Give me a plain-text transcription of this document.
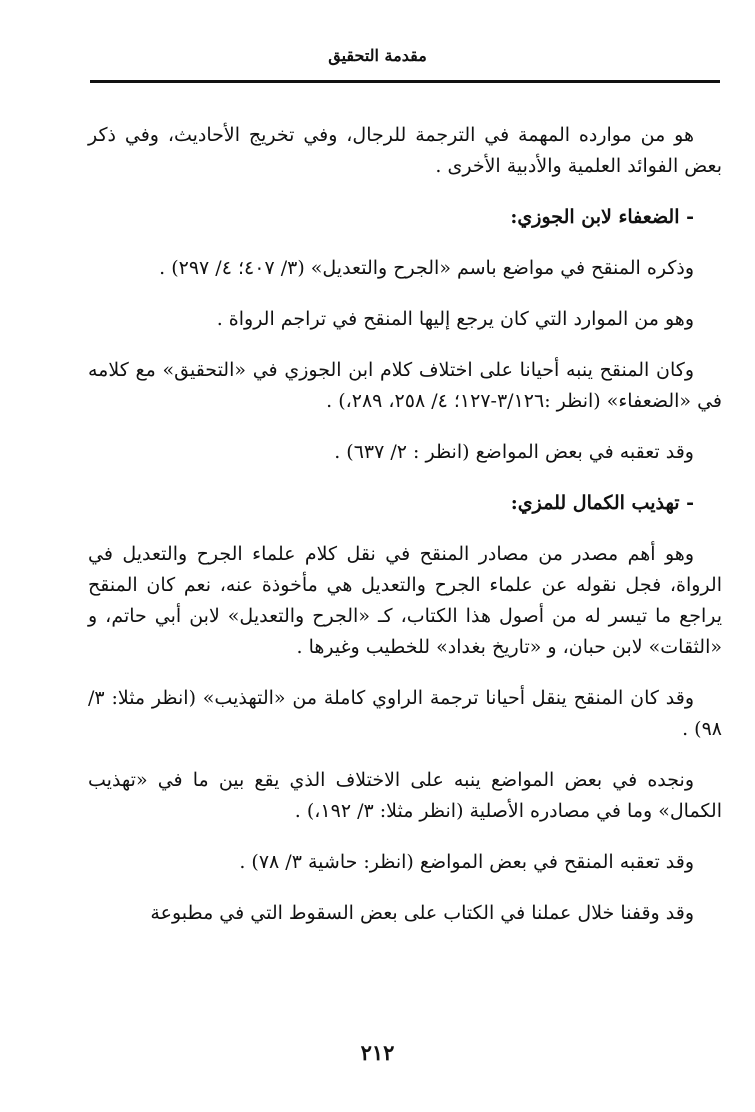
مقدمة التحقيق

هو من موارده المهمة في الترجمة للرجال، وفي تخريج الأحاديث، وفي ذكر بعض الفوائد العلمية والأدبية الأخرى .

- الضعفاء لابن الجوزي:

وذكره المنقح في مواضع باسم «الجرح والتعديل» (٣/ ٤٠٧؛ ٤/ ٢٩٧) .

وهو من الموارد التي كان يرجع إليها المنقح في تراجم الرواة .

وكان المنقح ينبه أحيانا على اختلاف كلام ابن الجوزي في «التحقيق» مع كلامه في «الضعفاء» (انظر :٣/١٢٦-١٢٧؛ ٤/ ٢٥٨، ٢٨٩،) .

وقد تعقبه في بعض المواضع (انظر : ٢/ ٦٣٧) .

- تهذيب الكمال للمزي:

وهو أهم مصدر من مصادر المنقح في نقل كلام علماء الجرح والتعديل في الرواة، فجل نقوله عن علماء الجرح والتعديل هي مأخوذة عنه، نعم كان المنقح يراجع ما تيسر له من أصول هذا الكتاب، كـ «الجرح والتعديل» لابن أبي حاتم، و «الثقات» لابن حبان، و «تاريخ بغداد» للخطيب وغيرها .

وقد كان المنقح ينقل أحيانا ترجمة الراوي كاملة من «التهذيب» (انظر مثلا: ٣/ ٩٨) .

ونجده في بعض المواضع ينبه على الاختلاف الذي يقع بين ما في «تهذيب الكمال» وما في مصادره الأصلية (انظر مثلا: ٣/ ١٩٢،) .

وقد تعقبه المنقح في بعض المواضع (انظر: حاشية ٣/ ٧٨) .

وقد وقفنا خلال عملنا في الكتاب على بعض السقوط التي في مطبوعة

٢١٢
